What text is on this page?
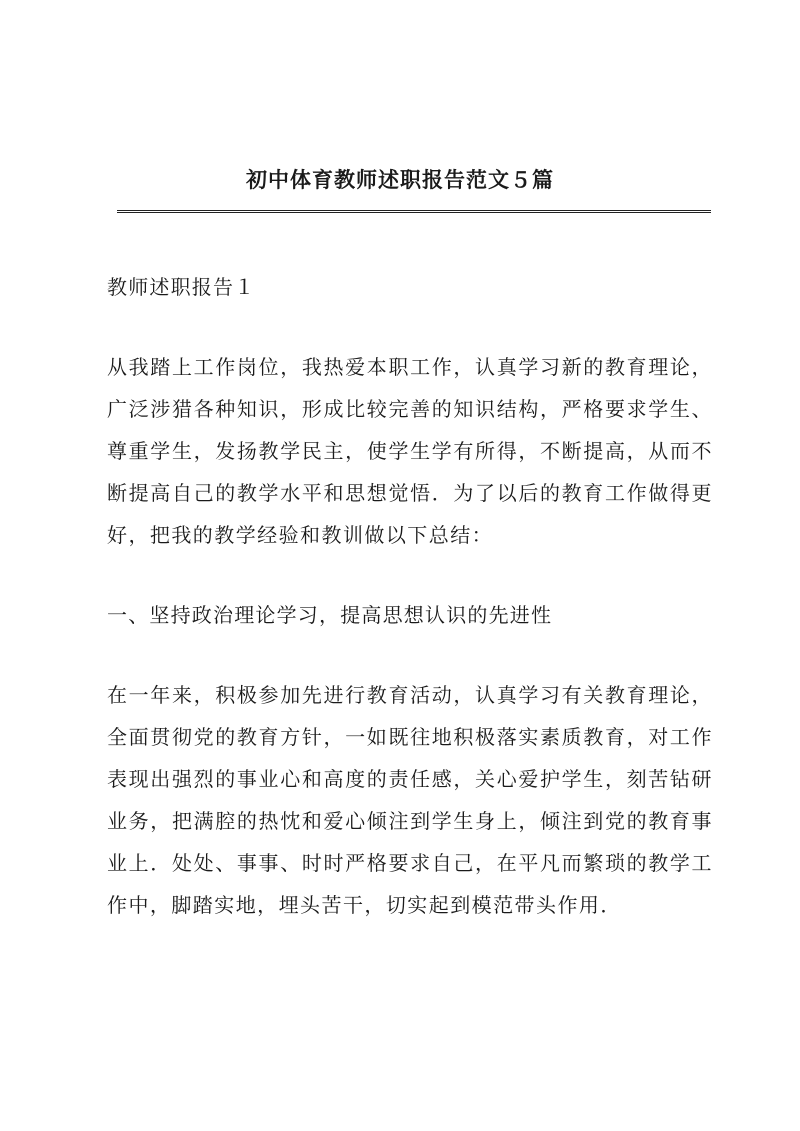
初中体育教师述职报告范文５篇

教师述职报告１

从我踏上工作岗位，我热爱本职工作，认真学习新的教育理论，广泛涉猎各种知识，形成比较完善的知识结构，严格要求学生、尊重学生，发扬教学民主，使学生学有所得，不断提高，从而不断提高自己的教学水平和思想觉悟．为了以后的教育工作做得更好，把我的教学经验和教训做以下总结：

一、坚持政治理论学习，提高思想认识的先进性

在一年来，积极参加先进行教育活动，认真学习有关教育理论，全面贯彻党的教育方针，一如既往地积极落实素质教育，对工作表现出强烈的事业心和高度的责任感，关心爱护学生，刻苦钻研业务，把满腔的热忱和爱心倾注到学生身上，倾注到党的教育事业上．处处、事事、时时严格要求自己，在平凡而繁琐的教学工作中，脚踏实地，埋头苦干，切实起到模范带头作用．
